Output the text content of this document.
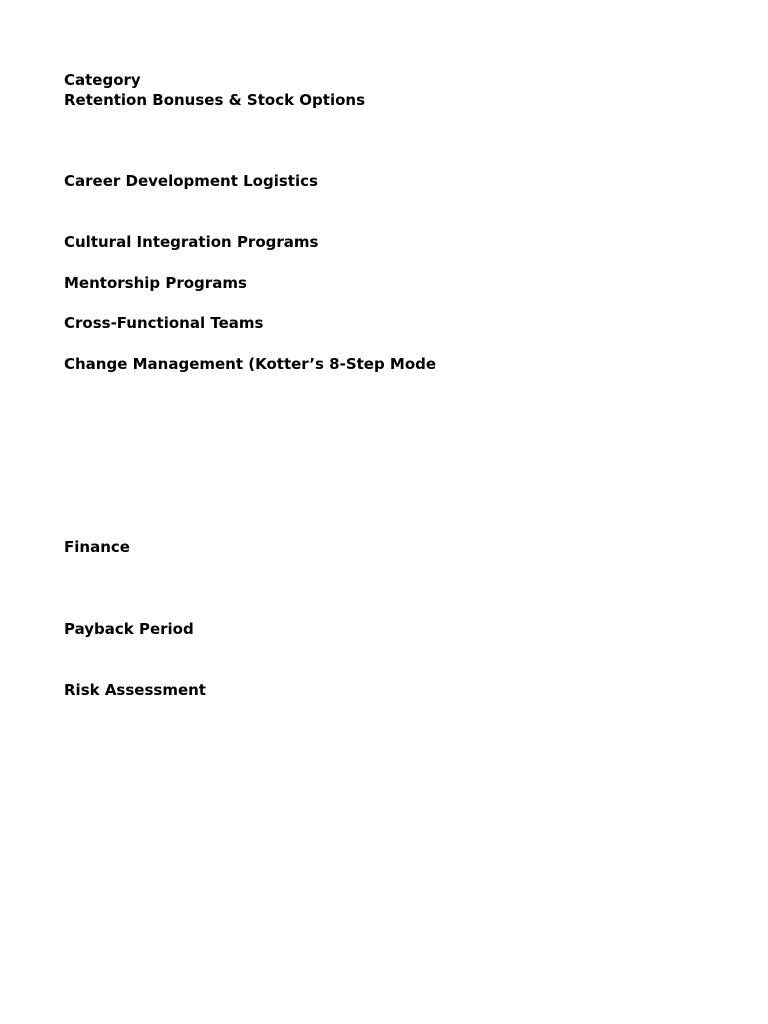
Category
Retention Bonuses & Stock Options
Career Development Logistics
Cultural Integration Programs
Mentorship Programs
Cross-Functional Teams
Change Management (Kotter’s 8-Step Mode
Finance
Payback Period
Risk Assessment
